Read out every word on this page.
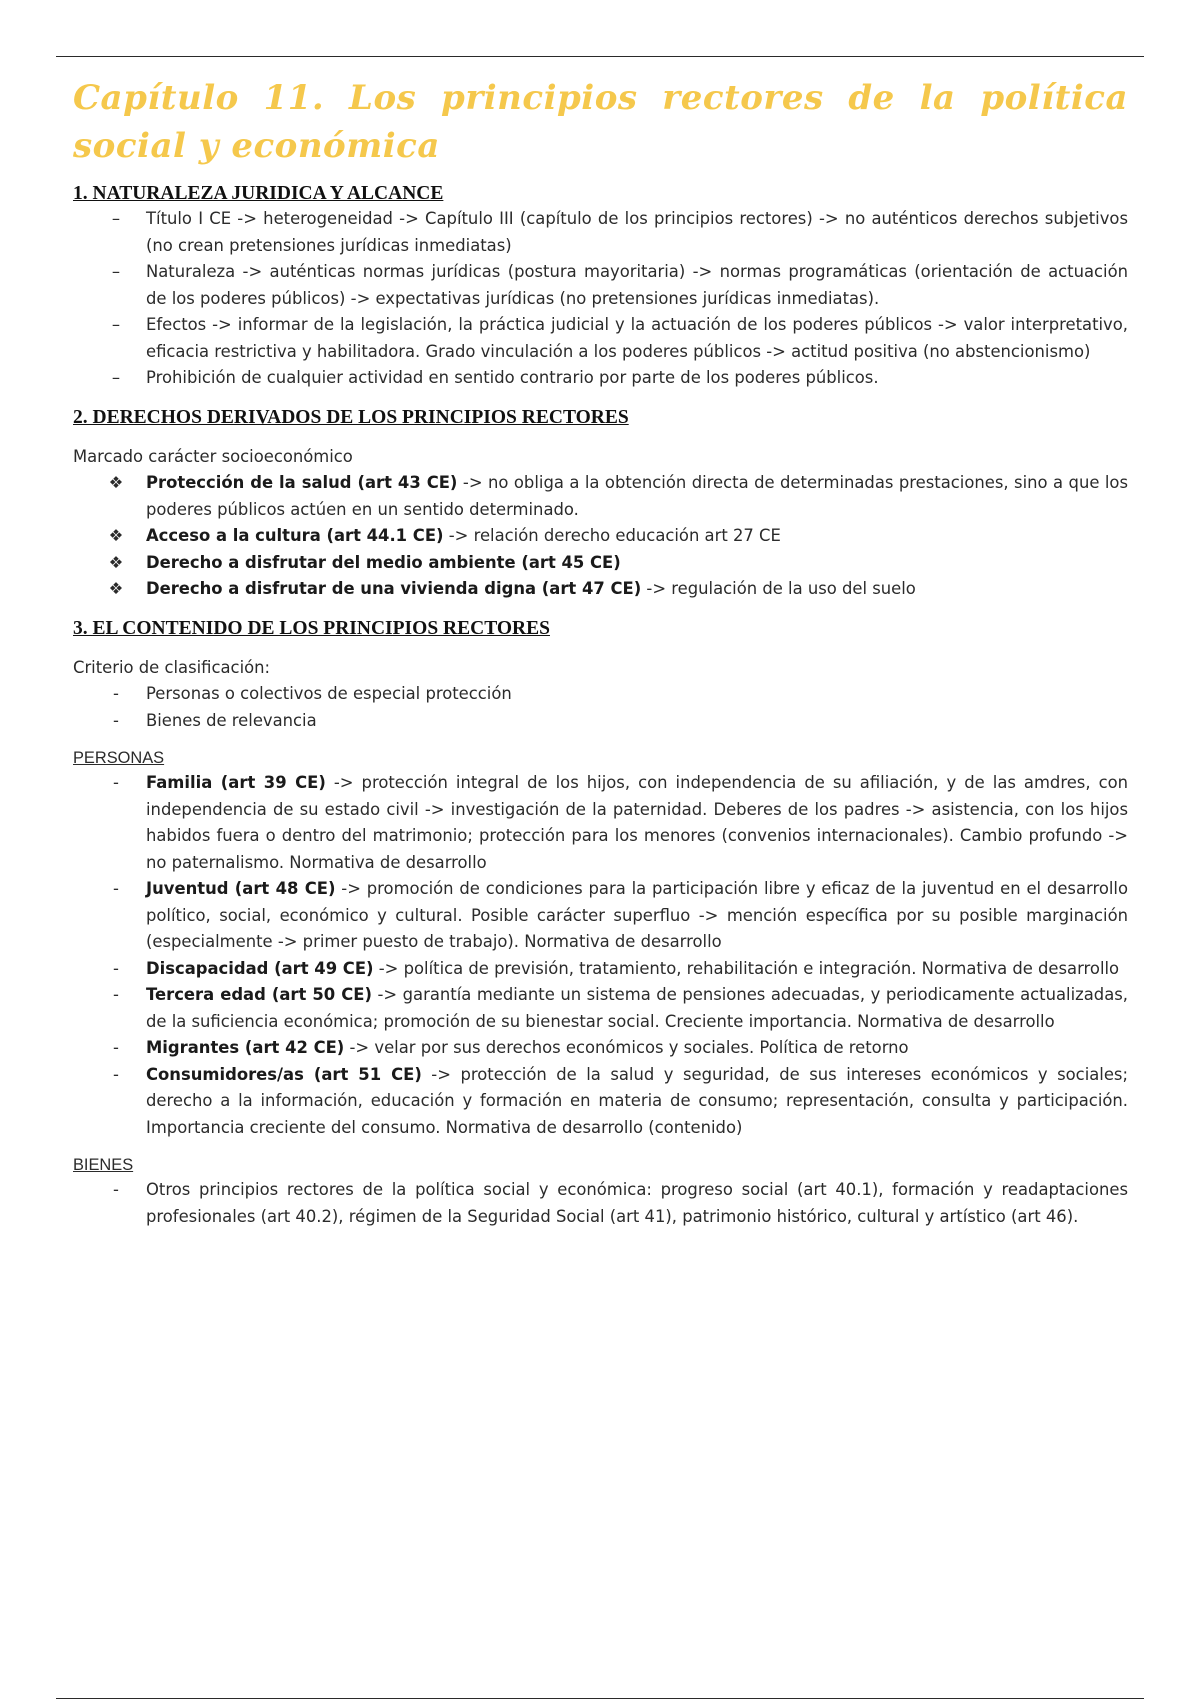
Capítulo 11. Los principios rectores de la política social y económica
1. NATURALEZA JURIDICA Y ALCANCE
–	Título I CE -> heterogeneidad -> Capítulo III (capítulo de los principios rectores) -> no auténticos derechos subjetivos (no crean pretensiones jurídicas inmediatas)
–	Naturaleza -> auténticas normas jurídicas (postura mayoritaria) -> normas programáticas (orientación de actuación de los poderes públicos) -> expectativas jurídicas (no pretensiones jurídicas inmediatas).
–	Efectos -> informar de la legislación, la práctica judicial y la actuación de los poderes públicos -> valor interpretativo, eficacia restrictiva y habilitadora. Grado vinculación a los poderes públicos -> actitud positiva (no abstencionismo)
–	Prohibición de cualquier actividad en sentido contrario por parte de los poderes públicos.
2. DERECHOS DERIVADOS DE LOS PRINCIPIOS RECTORES

Marcado carácter socioeconómico

❖ Protección de la salud (art 43 CE) -> no obliga a la obtención directa de determinadas prestaciones, sino a que los poderes públicos actúen en un sentido determinado.
❖ Acceso a la cultura (art 44.1 CE) -> relación derecho educación art 27 CE
❖ Derecho a disfrutar del medio ambiente (art 45 CE)
❖ Derecho a disfrutar de una vivienda digna (art 47 CE) -> regulación de la uso del suelo
3. EL CONTENIDO DE LOS PRINCIPIOS RECTORES

Criterio de clasificación:

-	Personas o colectivos de especial protección
-	Bienes de relevancia

PERSONAS

-	Familia (art 39 CE) -> protección integral de los hijos, con independencia de su afiliación, y de las amdres, con independencia de su estado civil -> investigación de la paternidad. Deberes de los padres -> asistencia, con los hijos habidos fuera o dentro del matrimonio; protección para los menores (convenios internacionales). Cambio profundo -> no paternalismo. Normativa de desarrollo
-	Juventud (art 48 CE) -> promoción de condiciones para la participación libre y eficaz de la juventud en el desarrollo político, social, económico y cultural. Posible carácter superfluo -> mención específica por su posible marginación (especialmente -> primer puesto de trabajo). Normativa de desarrollo
-	Discapacidad (art 49 CE) -> política de previsión, tratamiento, rehabilitación e integración. Normativa de desarrollo
-	Tercera edad (art 50 CE) -> garantía mediante un sistema de pensiones adecuadas, y periodicamente actualizadas, de la suficiencia económica; promoción de su bienestar social. Creciente importancia. Normativa de desarrollo
-	Migrantes (art 42 CE) -> velar por sus derechos económicos y sociales. Política de retorno
-	Consumidores/as (art 51 CE) -> protección de la salud y seguridad, de sus intereses económicos y sociales; derecho a la información, educación y formación en materia de consumo; representación, consulta y participación. Importancia creciente del consumo. Normativa de desarrollo (contenido)

BIENES

-	Otros principios rectores de la política social y económica: progreso social (art 40.1), formación y readaptaciones profesionales (art 40.2), régimen de la Seguridad Social (art 41), patrimonio histórico, cultural y artístico (art 46).
